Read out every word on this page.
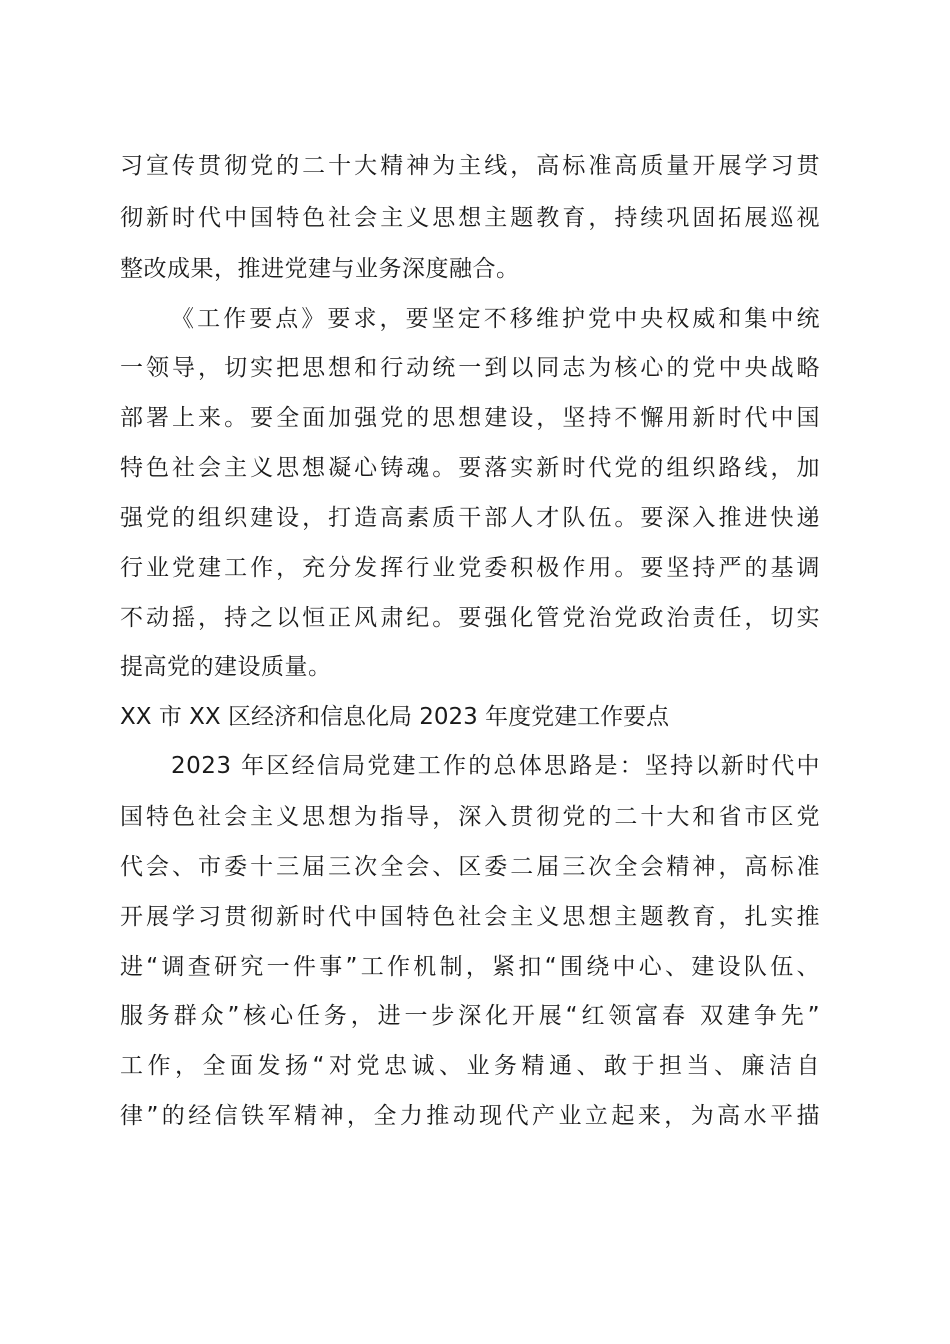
习宣传贯彻党的二十大精神为主线，高标准高质量开展学习贯
彻新时代中国特色社会主义思想主题教育，持续巩固拓展巡视
整改成果，推进党建与业务深度融合。
《工作要点》要求，要坚定不移维护党中央权威和集中统
一领导，切实把思想和行动统一到以同志为核心的党中央战略
部署上来。要全面加强党的思想建设，坚持不懈用新时代中国
特色社会主义思想凝心铸魂。要落实新时代党的组织路线，加
强党的组织建设，打造高素质干部人才队伍。要深入推进快递
行业党建工作，充分发挥行业党委积极作用。要坚持严的基调
不动摇，持之以恒正风肃纪。要强化管党治党政治责任，切实
提高党的建设质量。
XX 市 XX 区经济和信息化局 2023 年度党建工作要点
2023 年区经信局党建工作的总体思路是：坚持以新时代中
国特色社会主义思想为指导，深入贯彻党的二十大和省市区党
代会、市委十三届三次全会、区委二届三次全会精神，高标准
开展学习贯彻新时代中国特色社会主义思想主题教育，扎实推
进“调查研究一件事”工作机制，紧扣“围绕中心、建设队伍、
服务群众”核心任务，进一步深化开展“红领富春 双建争先”
工作，全面发扬“对党忠诚、业务精通、敢于担当、廉洁自
律”的经信铁军精神，全力推动现代产业立起来，为高水平描
